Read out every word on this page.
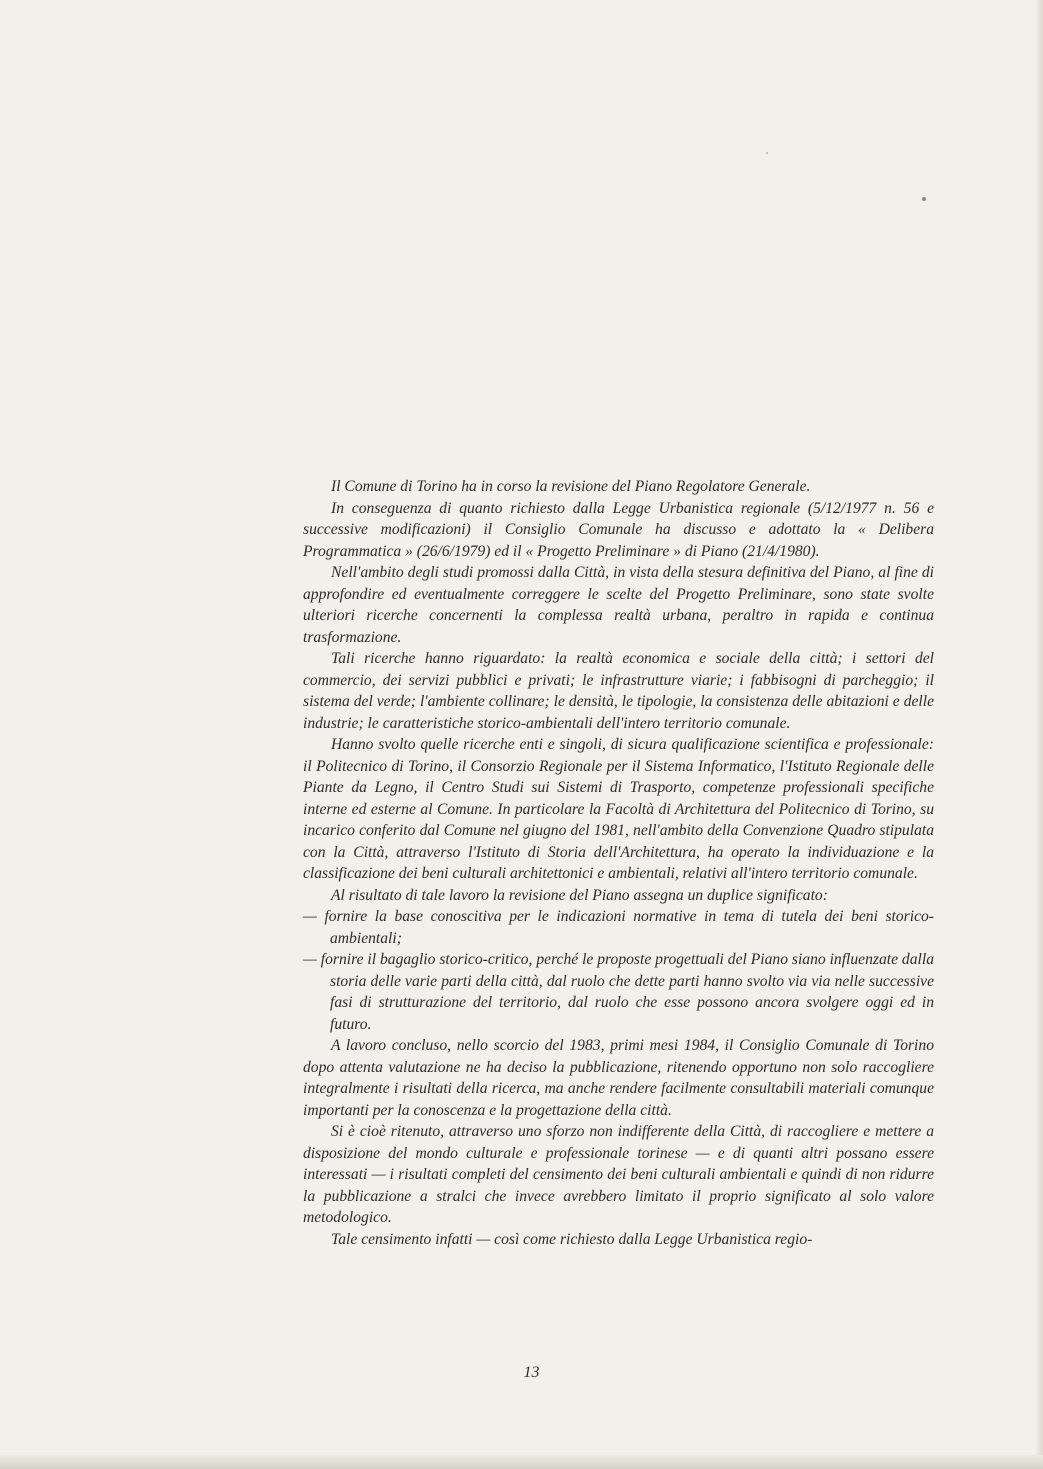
Il Comune di Torino ha in corso la revisione del Piano Regolatore Generale.

In conseguenza di quanto richiesto dalla Legge Urbanistica regionale (5/12/1977 n. 56 e successive modificazioni) il Consiglio Comunale ha discusso e adottato la « Delibera Programmatica » (26/6/1979) ed il « Progetto Preliminare » di Piano (21/4/1980).

Nell'ambito degli studi promossi dalla Città, in vista della stesura definitiva del Piano, al fine di approfondire ed eventualmente correggere le scelte del Progetto Preliminare, sono state svolte ulteriori ricerche concernenti la complessa realtà urbana, peraltro in rapida e continua trasformazione.

Tali ricerche hanno riguardato: la realtà economica e sociale della città; i settori del commercio, dei servizi pubblici e privati; le infrastrutture viarie; i fabbisogni di parcheggio; il sistema del verde; l'ambiente collinare; le densità, le tipologie, la consistenza delle abitazioni e delle industrie; le caratteristiche storico-ambientali dell'intero territorio comunale.

Hanno svolto quelle ricerche enti e singoli, di sicura qualificazione scientifica e professionale: il Politecnico di Torino, il Consorzio Regionale per il Sistema Informatico, l'Istituto Regionale delle Piante da Legno, il Centro Studi sui Sistemi di Trasporto, competenze professionali specifiche interne ed esterne al Comune. In particolare la Facoltà di Architettura del Politecnico di Torino, su incarico conferito dal Comune nel giugno del 1981, nell'ambito della Convenzione Quadro stipulata con la Città, attraverso l'Istituto di Storia dell'Architettura, ha operato la individuazione e la classificazione dei beni culturali architettonici e ambientali, relativi all'intero territorio comunale.

Al risultato di tale lavoro la revisione del Piano assegna un duplice significato:

— fornire la base conoscitiva per le indicazioni normative in tema di tutela dei beni storico-ambientali;

— fornire il bagaglio storico-critico, perché le proposte progettuali del Piano siano influenzate dalla storia delle varie parti della città, dal ruolo che dette parti hanno svolto via via nelle successive fasi di strutturazione del territorio, dal ruolo che esse possono ancora svolgere oggi ed in futuro.

A lavoro concluso, nello scorcio del 1983, primi mesi 1984, il Consiglio Comunale di Torino dopo attenta valutazione ne ha deciso la pubblicazione, ritenendo opportuno non solo raccogliere integralmente i risultati della ricerca, ma anche rendere facilmente consultabili materiali comunque importanti per la conoscenza e la progettazione della città.

Si è cioè ritenuto, attraverso uno sforzo non indifferente della Città, di raccogliere e mettere a disposizione del mondo culturale e professionale torinese — e di quanti altri possano essere interessati — i risultati completi del censimento dei beni culturali ambientali e quindi di non ridurre la pubblicazione a stralci che invece avrebbero limitato il proprio significato al solo valore metodologico.

Tale censimento infatti — così come richiesto dalla Legge Urbanistica regio-

13
